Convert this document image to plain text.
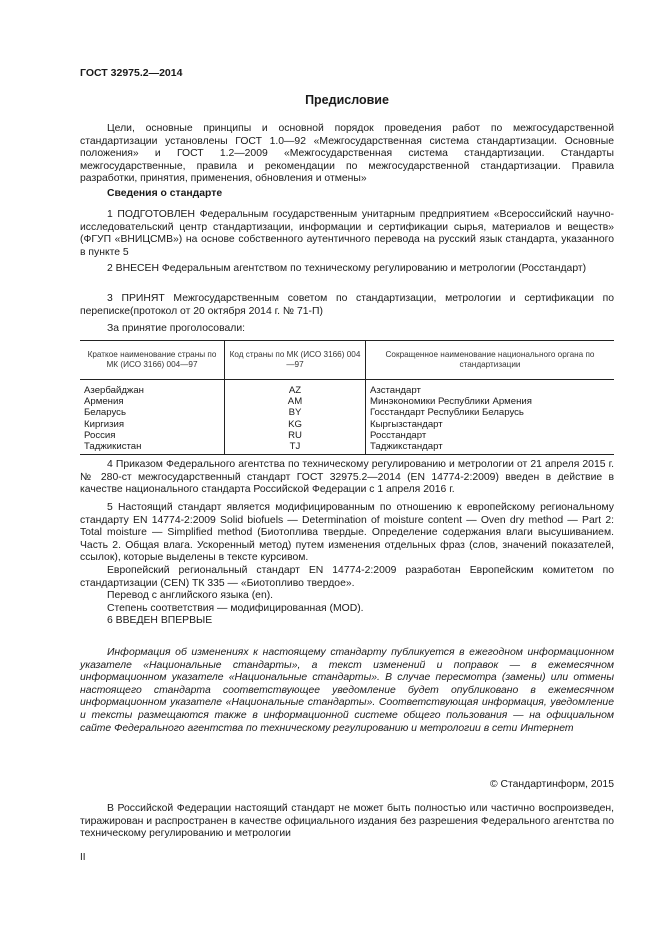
ГОСТ 32975.2—2014
Предисловие

Цели, основные принципы и основной порядок проведения работ по межгосударственной стандартизации установлены ГОСТ 1.0—92 «Межгосударственная система стандартизации. Основные положения» и ГОСТ 1.2—2009 «Межгосударственная система стандартизации. Стандарты межгосударственные, правила и рекомендации по межгосударственной стандартизации. Правила разработки, принятия, применения, обновления и отмены»

Сведения о стандарте

1 ПОДГОТОВЛЕН Федеральным государственным унитарным предприятием «Всероссийский научно-исследовательский центр стандартизации, информации и сертификации сырья, материалов и веществ» (ФГУП «ВНИЦСМВ») на основе собственного аутентичного перевода на русский язык стандарта, указанного в пункте 5

2 ВНЕСЕН Федеральным агентством по техническому регулированию и метрологии (Росстандарт)

3 ПРИНЯТ Межгосударственным советом по стандартизации, метрологии и сертификации по переписке(протокол от 20 октября 2014 г. № 71-П)

За принятие проголосовали:

Краткое наименование страны по МК (ИСО 3166) 004—97	Код страны по МК (ИСО 3166) 004—97	Сокращенное наименование национального органа по стандартизации
Азербайджан	AZ	Азстандарт
Армения	AM	Минэкономики Республики Армения
Беларусь	BY	Госстандарт Республики Беларусь
Киргизия	KG	Кыргызстандарт
Россия	RU	Росстандарт
Таджикистан	TJ	Таджикстандарт

4 Приказом Федерального агентства по техническому регулированию и метрологии от 21 апреля 2015 г. № 280-ст межгосударственный стандарт ГОСТ 32975.2—2014 (EN 14774-2:2009) введен в действие в качестве национального стандарта Российской Федерации с 1 апреля 2016 г.

5 Настоящий стандарт является модифицированным по отношению к европейскому региональному стандарту EN 14774-2:2009 Solid biofuels — Determination of moisture content — Oven dry method — Part 2: Total moisture — Simplified method (Биотоплива твердые. Определение содержания влаги высушиванием. Часть 2. Общая влага. Ускоренный метод) путем изменения отдельных фраз (слов, значений показателей, ссылок), которые выделены в тексте курсивом.

Европейский региональный стандарт EN 14774-2:2009 разработан Европейским комитетом по стандартизации (CEN) ТК 335 — «Биотопливо твердое».

Перевод с английского языка (en).

Степень соответствия — модифицированная (MOD).

6 ВВЕДЕН ВПЕРВЫЕ

Информация об изменениях к настоящему стандарту публикуется в ежегодном информационном указателе «Национальные стандарты», а текст изменений и поправок — в ежемесячном информационном указателе «Национальные стандарты». В случае пересмотра (замены) или отмены настоящего стандарта соответствующее уведомление будет опубликовано в ежемесячном информационном указателе «Национальные стандарты». Соответствующая информация, уведомление и тексты размещаются также в информационной системе общего пользования — на официальном сайте Федерального агентства по техническому регулированию и метрологии в сети Интернет

© Стандартинформ, 2015

В Российской Федерации настоящий стандарт не может быть полностью или частично воспроизведен, тиражирован и распространен в качестве официального издания без разрешения Федерального агентства по техническому регулированию и метрологии

II
